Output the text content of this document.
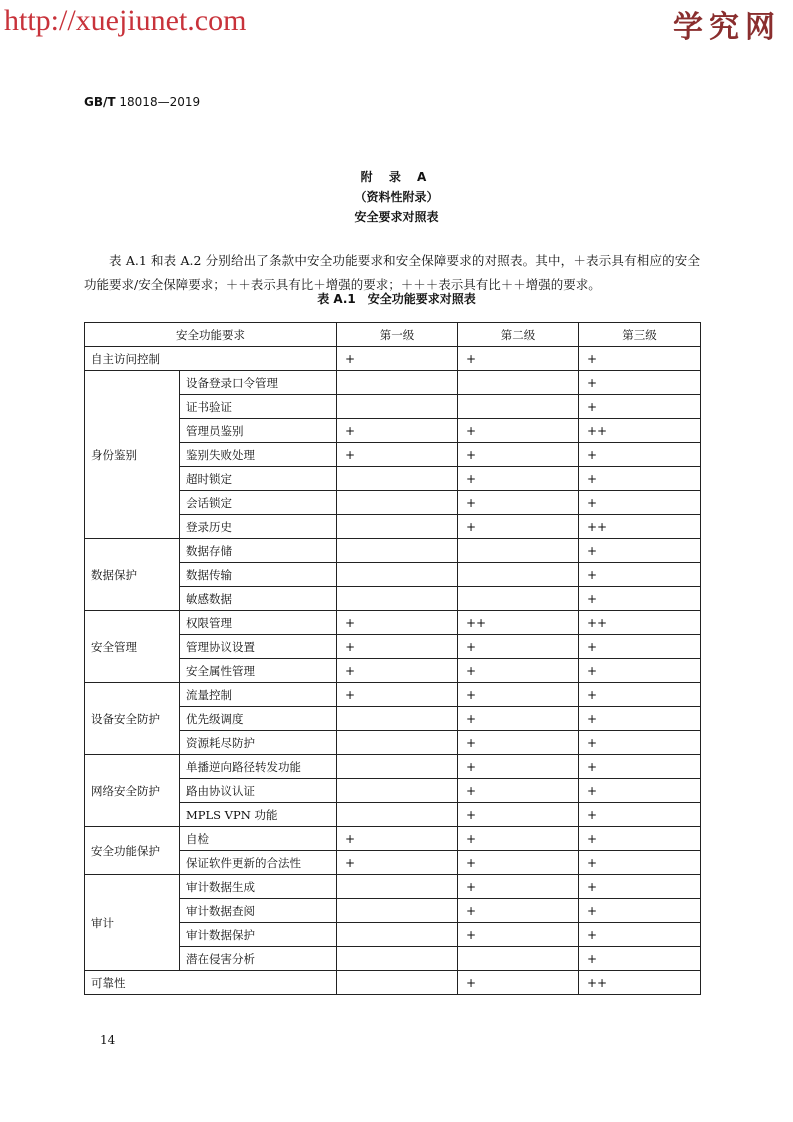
http://xuejiunet.com	学究网
GB/T 18018—2019
附 录 A
（资料性附录）
安全要求对照表

表 A.1 和表 A.2 分别给出了条款中安全功能要求和安全保障要求的对照表。其中，＋表示具有相应的安全功能要求/安全保障要求；＋＋表示具有比＋增强的要求；＋＋＋表示具有比＋＋增强的要求。

表 A.1　安全功能要求对照表
安全功能要求		第一级	第二级	第三级
自主访问控制		+	+	+
身份鉴别	设备登录口令管理			+
	证书验证			+
	管理员鉴别	+	+	++
	鉴别失败处理	+	+	+
	超时锁定		+	+
	会话锁定		+	+
	登录历史		+	++
数据保护	数据存储			+
	数据传输			+
	敏感数据			+
安全管理	权限管理	+	++	++
	管理协议设置	+	+	+
	安全属性管理	+	+	+
设备安全防护	流量控制	+	+	+
	优先级调度		+	+
	资源耗尽防护		+	+
网络安全防护	单播逆向路径转发功能		+	+
	路由协议认证		+	+
	MPLS VPN 功能		+	+
安全功能保护	自检	+	+	+
	保证软件更新的合法性	+	+	+
审计	审计数据生成		+	+
	审计数据查阅		+	+
	审计数据保护		+	+
	潜在侵害分析			+
可靠性			+	++
14
